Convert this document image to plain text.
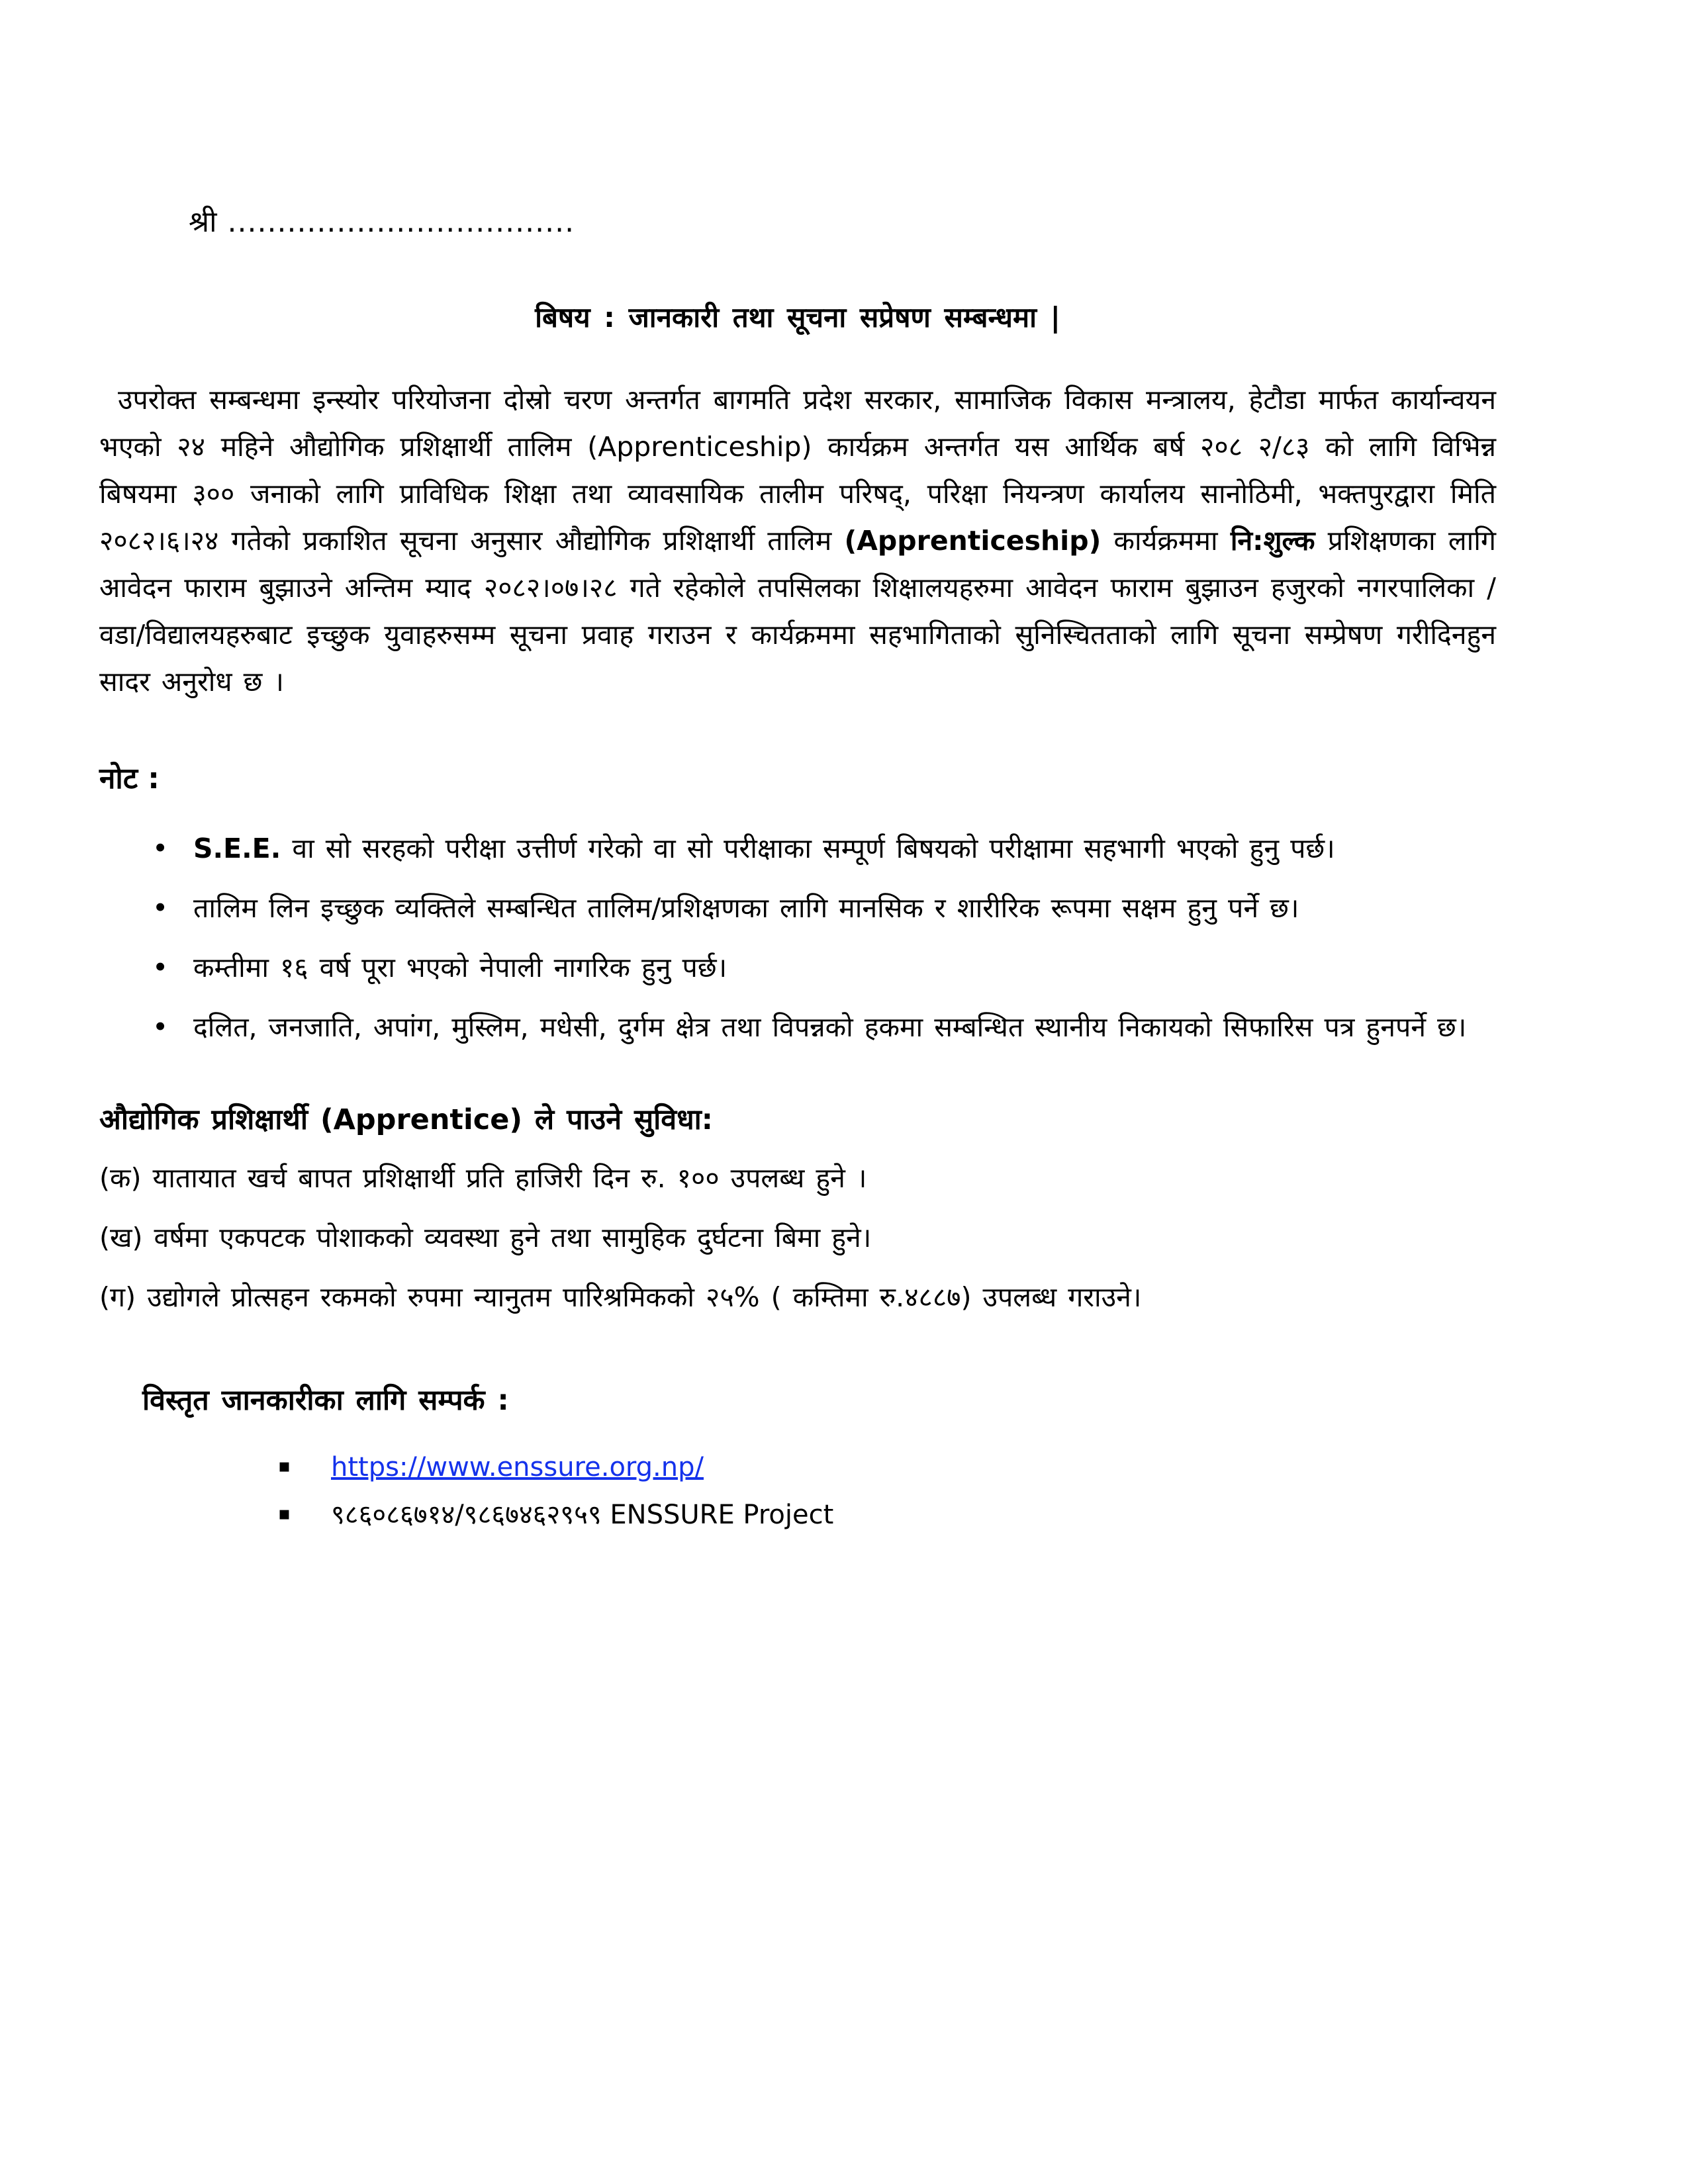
श्री ...................................
बिषय : जानकारी तथा सूचना सप्रेषण सम्बन्धमा |

उपरोक्त सम्बन्धमा इन्स्योर परियोजना दोस्रो चरण अन्तर्गत बागमति प्रदेश सरकार, सामाजिक विकास मन्त्रालय, हेटौडा मार्फत कार्यान्वयन भएको २४ महिने औद्योगिक प्रशिक्षार्थी तालिम (Apprenticeship) कार्यक्रम अन्तर्गत यस आर्थिक बर्ष २०८ २/८३ को लागि विभिन्न बिषयमा ३०० जनाको लागि प्राविधिक शिक्षा तथा व्यावसायिक तालीम परिषद्, परिक्षा नियन्त्रण कार्यालय सानोठिमी, भक्तपुरद्वारा मिति २०८२।६।२४ गतेको प्रकाशित सूचना अनुसार औद्योगिक प्रशिक्षार्थी तालिम (Apprenticeship) कार्यक्रममा नि:शुल्क प्रशिक्षणका लागि आवेदन फाराम बुझाउने अन्तिम म्याद २०८२।०७।२८ गते रहेकोले तपसिलका शिक्षालयहरुमा आवेदन फाराम बुझाउन हजुरको नगरपालिका /वडा/विद्यालयहरुबाट इच्छुक युवाहरुसम्म सूचना प्रवाह गराउन र कार्यक्रममा सहभागिताको सुनिस्चितताको लागि सूचना सम्प्रेषण गरीदिनहुन सादर अनुरोध छ ।

नोट :
• S.E.E. वा सो सरहको परीक्षा उत्तीर्ण गरेको वा सो परीक्षाका सम्पूर्ण बिषयको परीक्षामा सहभागी भएको हुनु पर्छ।
• तालिम लिन इच्छुक व्यक्तिले सम्बन्धित तालिम/प्रशिक्षणका लागि मानसिक र शारीरिक रूपमा सक्षम हुनु पर्ने छ।
• कम्तीमा १६ वर्ष पूरा भएको नेपाली नागरिक हुनु पर्छ।
• दलित, जनजाति, अपांग, मुस्लिम, मधेसी, दुर्गम क्षेत्र तथा विपन्नको हकमा सम्बन्धित स्थानीय निकायको सिफारिस पत्र हुनपर्ने छ।
औद्योगिक प्रशिक्षार्थी (Apprentice) ले पाउने सुविधा:
(क) यातायात खर्च बापत प्रशिक्षार्थी प्रति हाजिरी दिन रु. १०० उपलब्ध हुने ।
(ख) वर्षमा एकपटक पोशाकको व्यवस्था हुने तथा सामुहिक दुर्घटना बिमा हुने।
(ग) उद्योगले प्रोत्सहन रकमको रुपमा न्यानुतम पारिश्रमिकको २५% ( कम्तिमा रु.४८८७) उपलब्ध गराउने।
विस्तृत जानकारीका लागि सम्पर्क :
▪ https://www.enssure.org.np/
▪ ९८६०८६७१४/९८६७४६२९५९ ENSSURE Project
